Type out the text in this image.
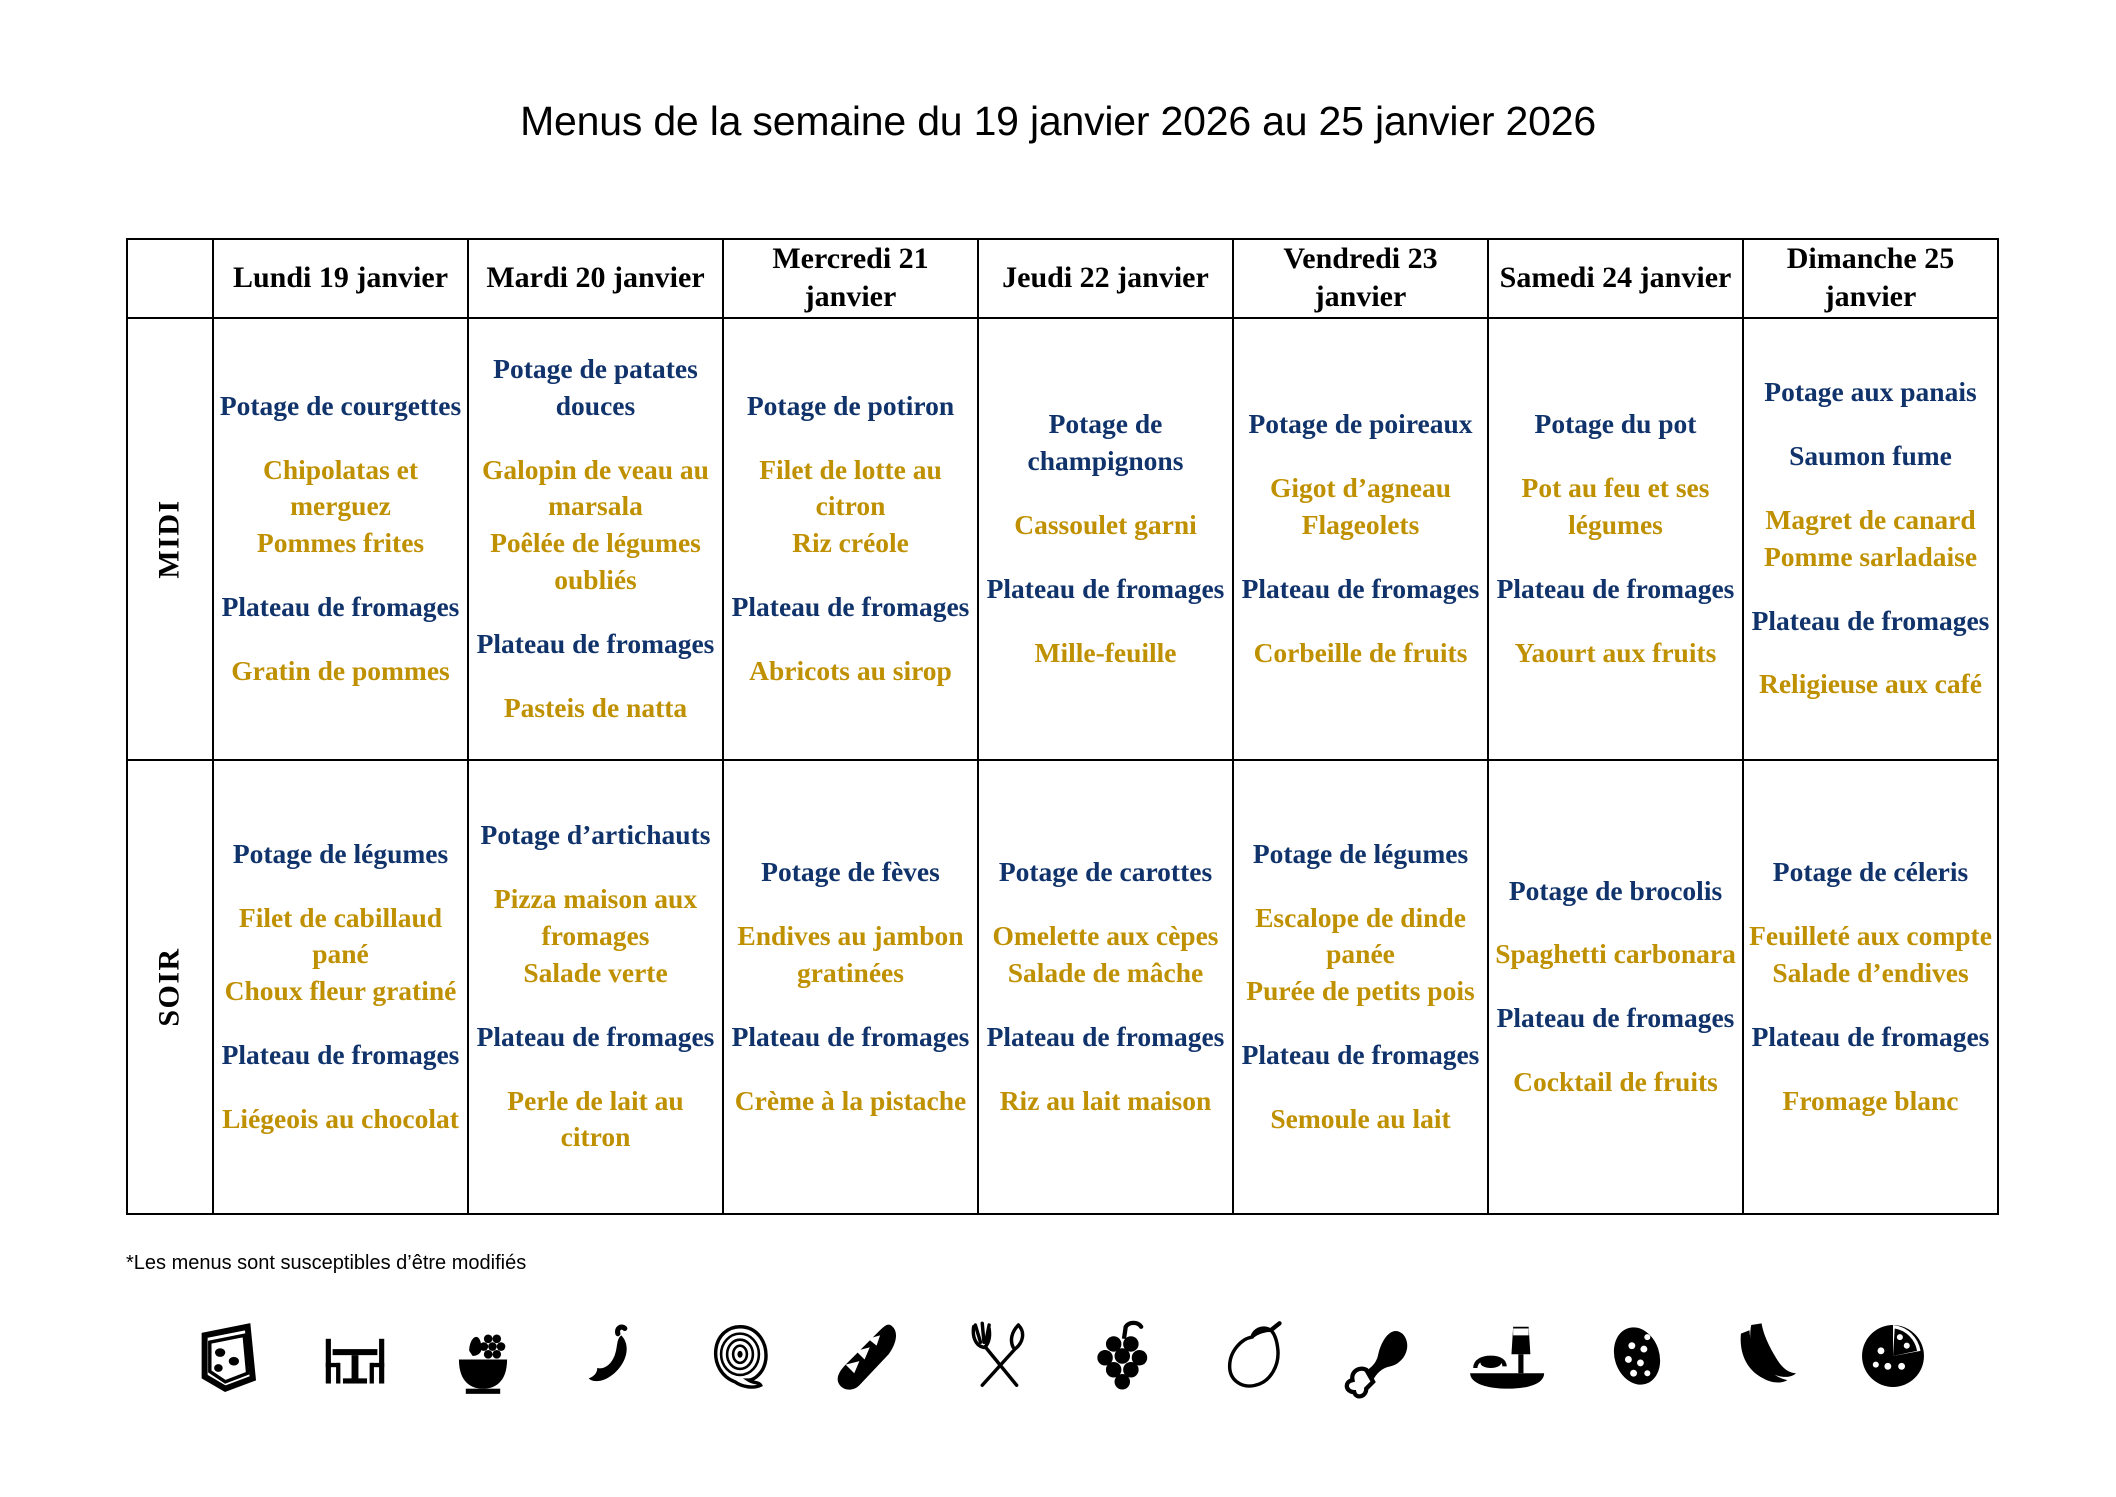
Menus de la semaine du 19 janvier 2026 au 25 janvier 2026
	Lundi 19 janvier	Mardi 20 janvier	Mercredi 21 janvier	Jeudi 22 janvier	Vendredi 23 janvier	Samedi 24 janvier	Dimanche 25 janvier
MIDI	
Potage de courgettes
Chipolatas et merguez
Pommes frites
Plateau de fromages
Gratin de pommes

Potage de patates douces
Galopin de veau au marsala
Poêlée de légumes oubliés
Plateau de fromages
Pasteis de natta

Potage de potiron
Filet de lotte au citron
Riz créole
Plateau de fromages
Abricots au sirop

Potage de champignons
Cassoulet garni
Plateau de fromages
Mille-feuille

Potage de poireaux
Gigot d’agneau
Flageolets
Plateau de fromages
Corbeille de fruits

Potage du pot
Pot au feu et ses légumes
Plateau de fromages
Yaourt aux fruits

Potage aux panais
Saumon fume
Magret de canard
Pomme sarladaise
Plateau de fromages
Religieuse aux café

SOIR	
Potage de légumes
Filet de cabillaud pané
Choux fleur gratiné
Plateau de fromages
Liégeois au chocolat

Potage d’artichauts
Pizza maison aux fromages
Salade verte
Plateau de fromages
Perle de lait au citron

Potage de fèves
Endives au jambon gratinées
Plateau de fromages
Crème à la pistache

Potage de carottes
Omelette aux cèpes
Salade de mâche
Plateau de fromages
Riz au lait maison

Potage de légumes
Escalope de dinde panée
Purée de petits pois
Plateau de fromages
Semoule au lait

Potage de brocolis
Spaghetti carbonara
Plateau de fromages
Cocktail de fruits

Potage de céleris
Feuilleté aux compte
Salade d’endives
Plateau de fromages
Fromage blanc
*Les menus sont susceptibles d’être modifiés
